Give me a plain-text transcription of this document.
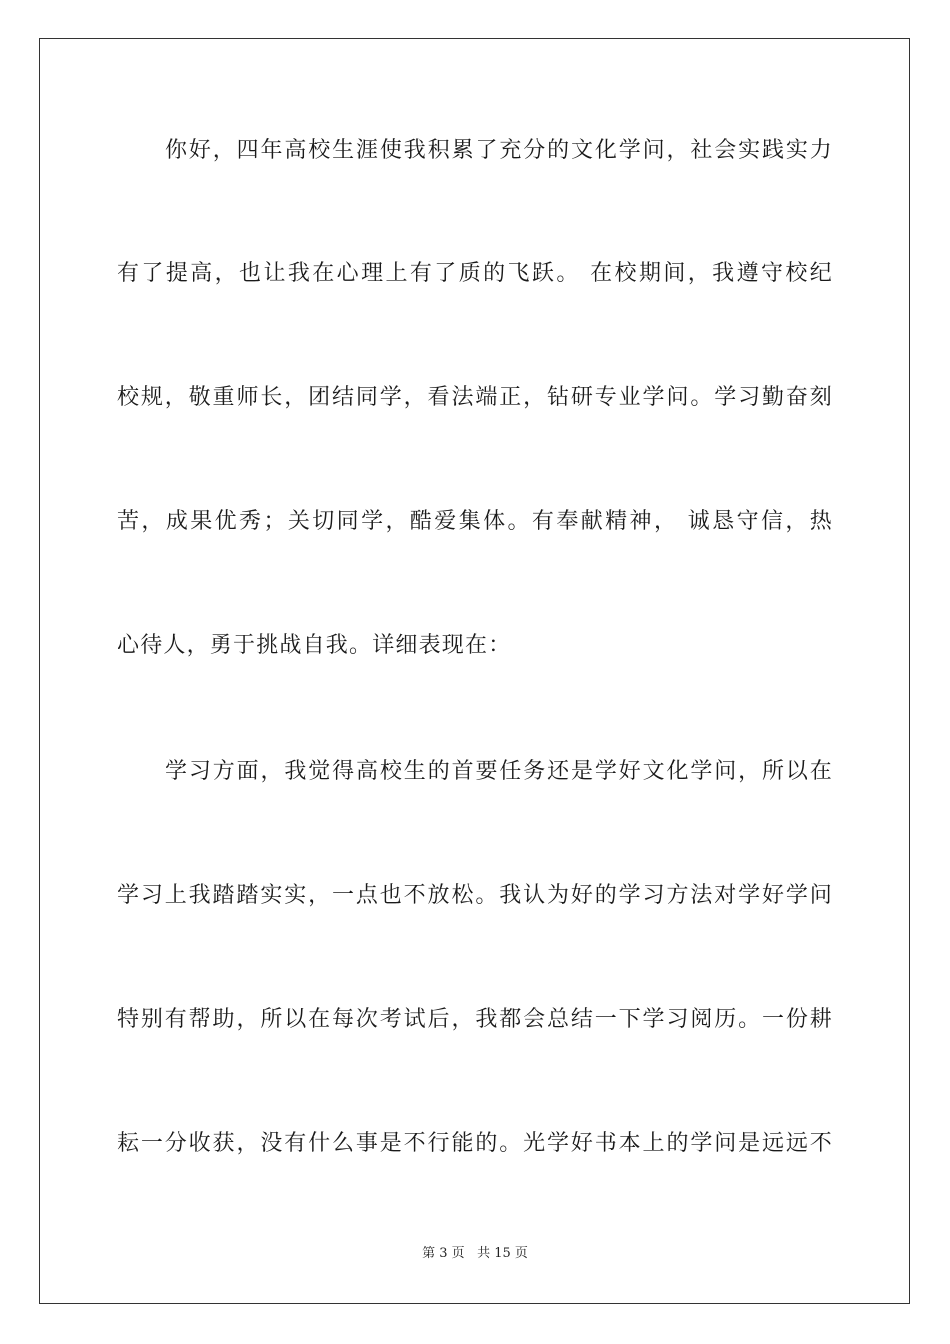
你好，四年高校生涯使我积累了充分的文化学问，社会实践实力
有了提高，也让我在心理上有了质的飞跃。 在校期间，我遵守校纪
校规，敬重师长，团结同学，看法端正，钻研专业学问。学习勤奋刻
苦，成果优秀；关切同学，酷爱集体。有奉献精神， 诚恳守信，热
心待人，勇于挑战自我。详细表现在：
学习方面，我觉得高校生的首要任务还是学好文化学问，所以在
学习上我踏踏实实，一点也不放松。我认为好的学习方法对学好学问
特别有帮助，所以在每次考试后，我都会总结一下学习阅历。一份耕
耘一分收获，没有什么事是不行能的。光学好书本上的学问是远远不
第 3 页 共 15 页
